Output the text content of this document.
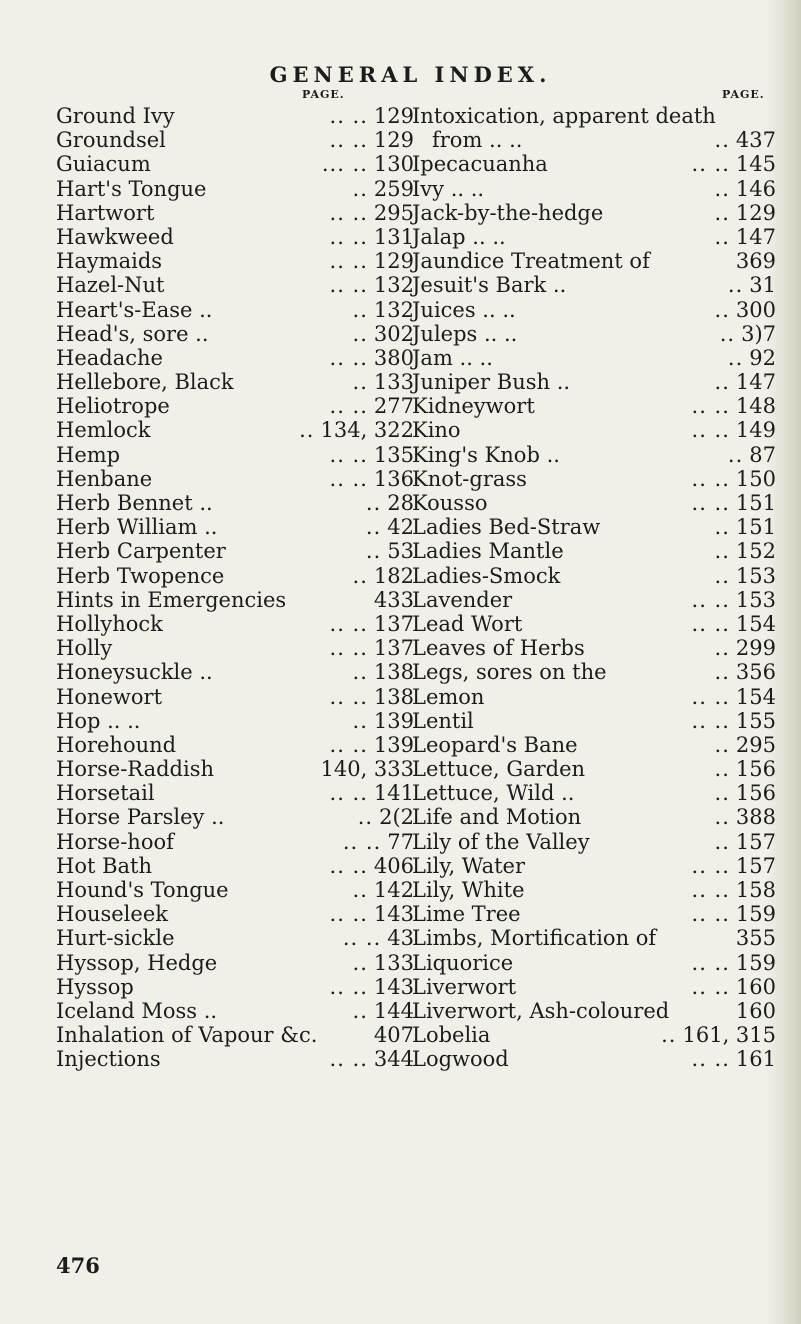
GENERAL INDEX.
PAGE.	PAGE.
Ground Ivy	.. .. 129
Groundsel	.. .. 129
Guiacum	... .. 130
Hart's Tongue	.. 259
Hartwort	.. .. 295
Hawkweed	.. .. 131
Haymaids	.. .. 129
Hazel-Nut	.. .. 132
Heart's-Ease ..	.. 132
Head's, sore ..	.. 302
Headache	.. .. 380
Hellebore, Black	.. 133
Heliotrope	.. .. 277
Hemlock	.. 134, 322
Hemp	.. .. 135
Henbane	.. .. 136
Herb Bennet ..	.. 28
Herb William ..	.. 42
Herb Carpenter	.. 53
Herb Twopence	.. 182
Hints in Emergencies	433
Hollyhock	.. .. 137
Holly	.. .. 137
Honeysuckle ..	.. 138
Honewort	.. .. 138
Hop .. ..	.. 139
Horehound	.. .. 139
Horse-Raddish	140, 333
Horsetail	.. .. 141
Horse Parsley ..	.. 2(2
Horse-hoof	.. .. 77
Hot Bath	.. .. 406
Hound's Tongue	.. 142
Houseleek	.. .. 143
Hurt-sickle	.. .. 43
Hyssop, Hedge	.. 133
Hyssop	.. .. 143
Iceland Moss ..	.. 144
Inhalation of Vapour &c.	407
Injections	.. .. 344
Intoxication, apparent death
from .. ..	.. 437
Ipecacuanha	.. .. 145
Ivy .. ..	.. 146
Jack-by-the-hedge	.. 129
Jalap .. ..	.. 147
Jaundice Treatment of	369
Jesuit's Bark ..	.. 31
Juices .. ..	.. 300
Juleps .. ..	.. 3)7
Jam .. ..	.. 92
Juniper Bush ..	.. 147
Kidneywort	.. .. 148
Kino	.. .. 149
King's Knob ..	.. 87
Knot-grass	.. .. 150
Kousso	.. .. 151
Ladies Bed-Straw	.. 151
Ladies Mantle	.. 152
Ladies-Smock	.. 153
Lavender	.. .. 153
Lead Wort	.. .. 154
Leaves of Herbs	.. 299
Legs, sores on the	.. 356
Lemon	.. .. 154
Lentil	.. .. 155
Leopard's Bane	.. 295
Lettuce, Garden	.. 156
Lettuce, Wild ..	.. 156
Life and Motion	.. 388
Lily of the Valley	.. 157
Lily, Water	.. .. 157
Lily, White	.. .. 158
Lime Tree	.. .. 159
Limbs, Mortification of	355
Liquorice	.. .. 159
Liverwort	.. .. 160
Liverwort, Ash-coloured	160
Lobelia	.. 161, 315
Logwood	.. .. 161
476
